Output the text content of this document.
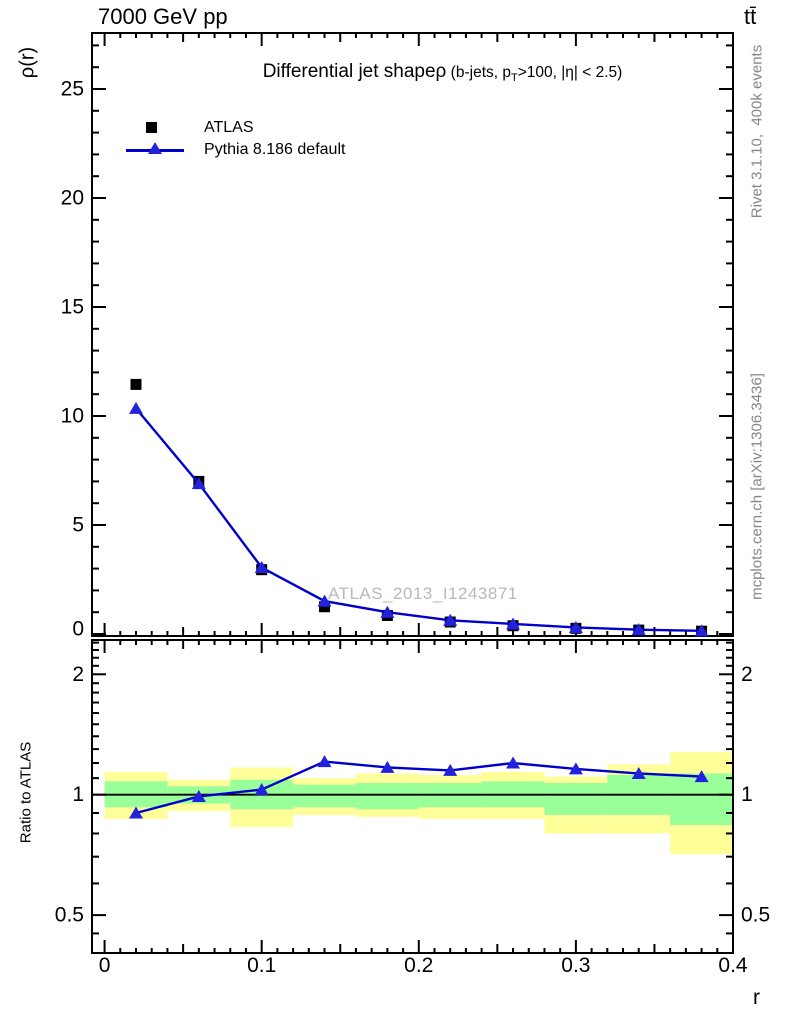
0	0.1	0.2	0.3	0.4
0
5
10
15
20
25
0.5	0.5
1	1
2	2
7000 GeV pp	tt̄
Differential jet shapeρ (b-jets, $p_T>100$, |η| < 2.5)
ATLAS
Pythia 8.186 default
ATLAS_2013_I1243871
ρ(r)
Ratio to ATLAS
Rivet 3.1.10,  400k events
mcplots.cern.ch [arXiv:1306.3436]
r
